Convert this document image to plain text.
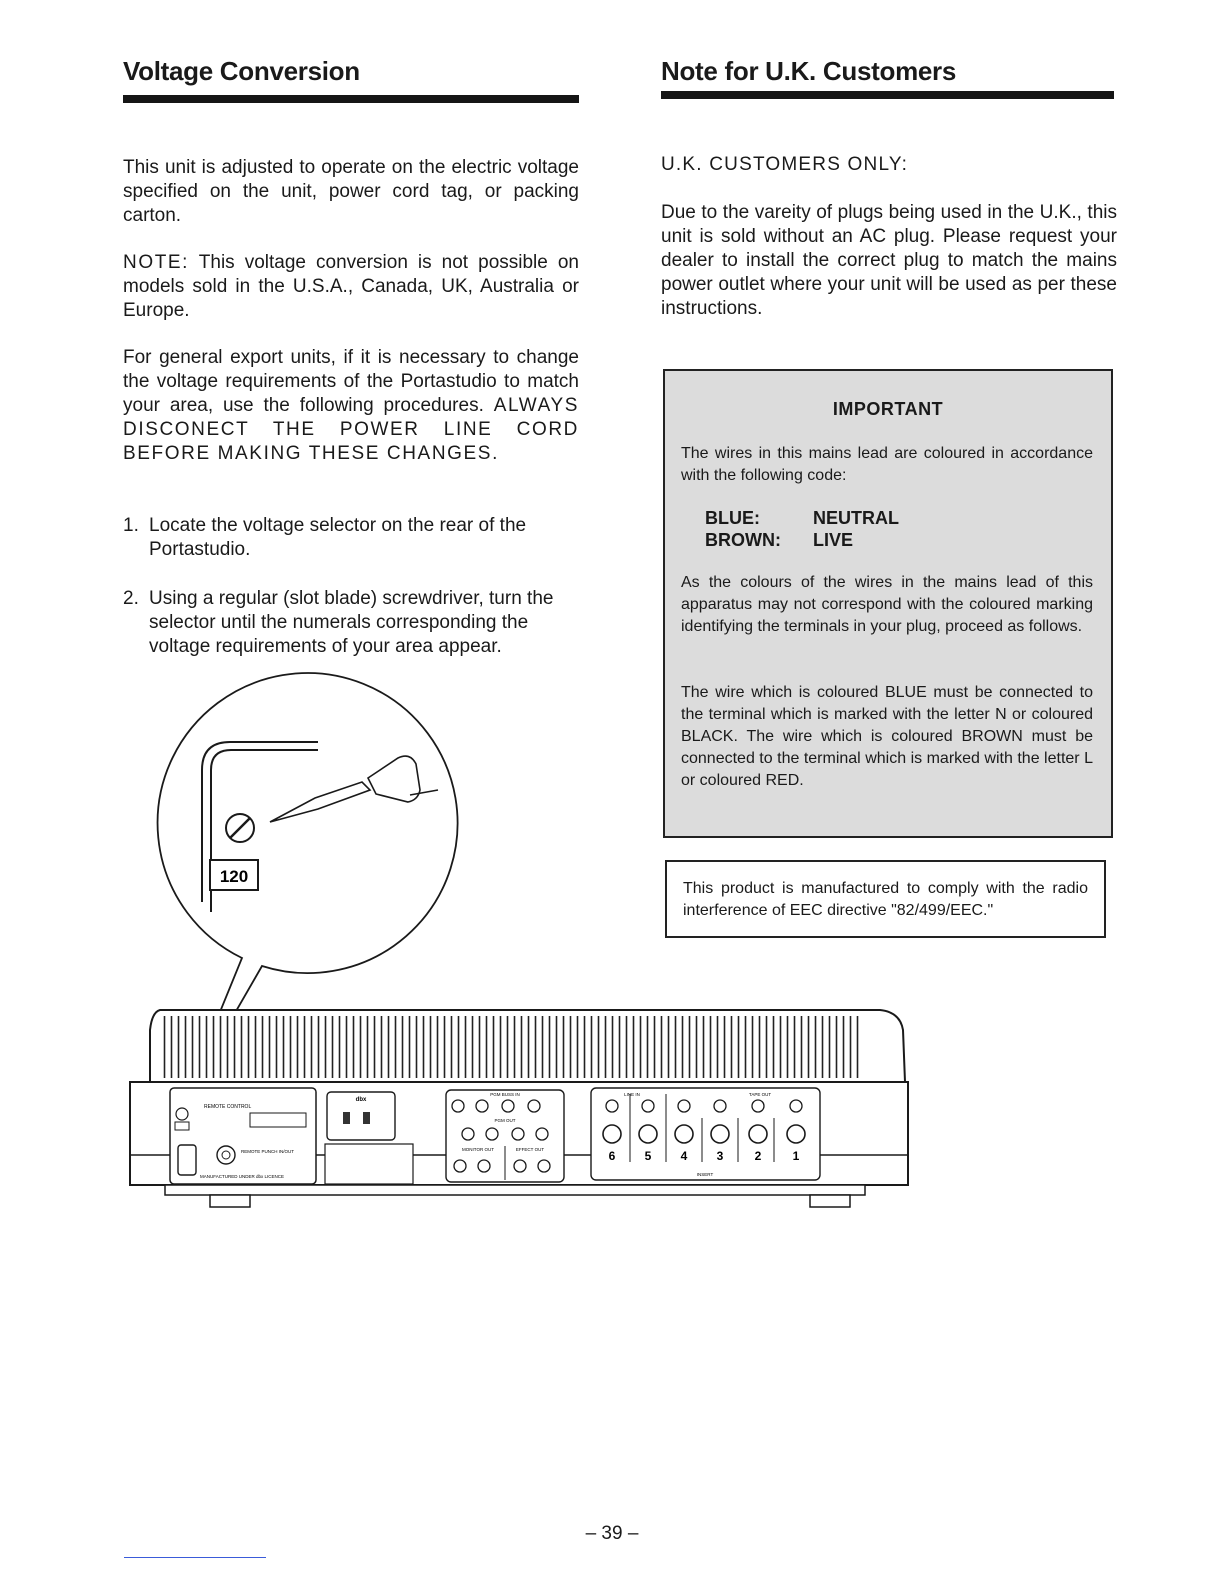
Voltage Conversion

This unit is adjusted to operate on the electric voltage specified on the unit, power cord tag, or packing carton.

NOTE: This voltage conversion is not possible on models sold in the U.S.A., Canada, UK, Australia or Europe.

For general export units, if it is necessary to change the voltage requirements of the Portastudio to match your area, use the following procedures. ALWAYS DISCONECT THE POWER LINE CORD BEFORE MAKING THESE CHANGES.

1. Locate the voltage selector on the rear of the Portastudio.
2. Using a regular (slot blade) screwdriver, turn the selector until the numerals corresponding the voltage requirements of your area appear.
Note for U.K. Customers
U.K. CUSTOMERS ONLY:

Due to the vareity of plugs being used in the U.K., this unit is sold without an AC plug. Please request your dealer to install the correct plug to match the mains power outlet where your unit will be used as per these instructions.

IMPORTANT

The wires in this mains lead are coloured in accordance with the following code:

BLUE:	NEUTRAL
BROWN: LIVE

As the colours of the wires in the mains lead of this apparatus may not correspond with the coloured marking identifying the terminals in your plug, proceed as follows.

The wire which is coloured BLUE must be connected to the terminal which is marked with the letter N or coloured BLACK. The wire which is coloured BROWN must be connected to the terminal which is marked with the letter L or coloured RED.

This product is manufactured to comply with the radio interference of EEC directive "82/499/EEC."

120
REMOTE CONTROL
REMOTE PUNCH IN/OUT
MANUFACTURED UNDER dbx LICENCE
dbx
PGM BUSS IN
PGM OUT
MONITOR OUT	EFFECT OUT
LINE IN	TAPE OUT
INSERT
6 5 4 3	2	1
– 39 –
